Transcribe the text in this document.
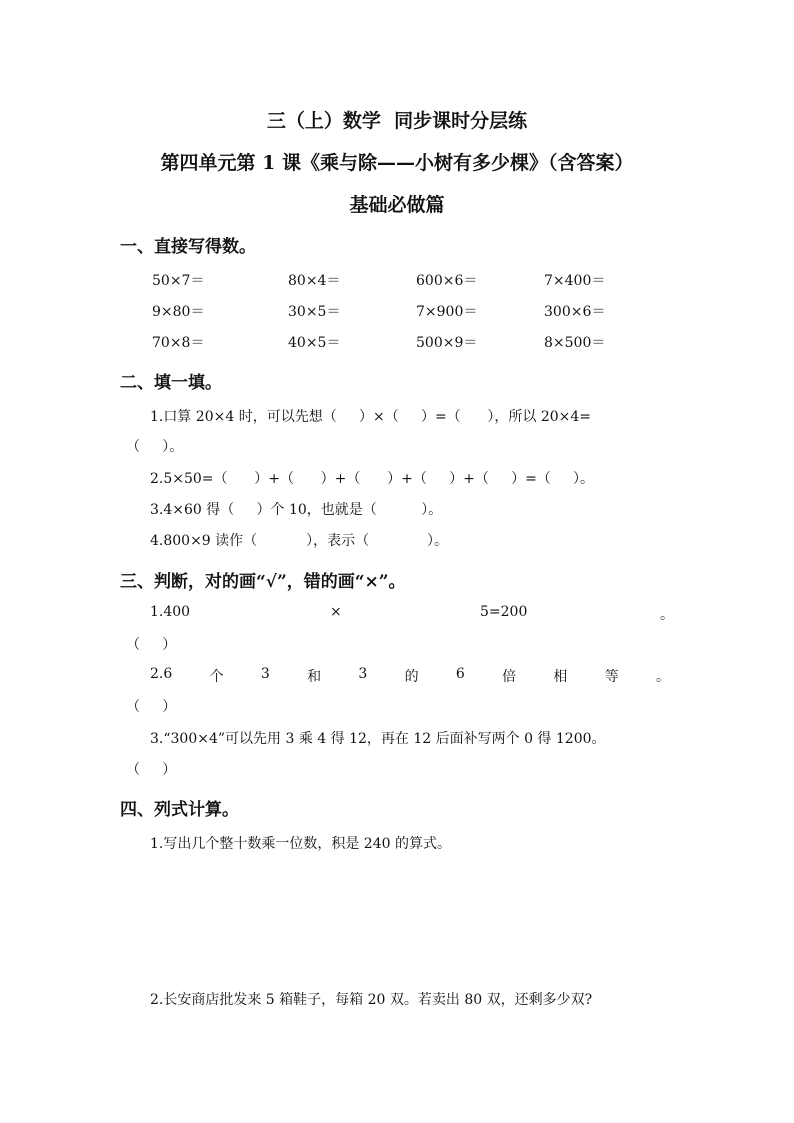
三（上）数学  同步课时分层练
第四单元第 1 课《乘与除——小树有多少棵》（含答案）
基础必做篇
一、直接写得数。
50×7＝	80×4＝	600×6＝	7×400＝
9×80＝	30×5＝	7×900＝	300×6＝
70×8＝	40×5＝	500×9＝	8×500＝
二、填一填。
1.口算 20×4 时，可以先想（     ）×（     ）=（      ），所以 20×4=
（     ）。
2.5×50=（      ）+（      ）+（      ）+（     ）+（     ）=（     ）。
3.4×60 得（     ）个 10，也就是（          ）。
4.800×9 读作（           ），表示（             ）。
三、判断，对的画“√”，错的画“×”。
1.400	×	5=200	。
（     ）
2.6	个	3	和	3	的	6	倍	相	等	。
（     ）
3.“300×4”可以先用 3 乘 4 得 12，再在 12 后面补写两个 0 得 1200。
（     ）
四、列式计算。
1.写出几个整十数乘一位数，积是 240 的算式。
2.长安商店批发来 5 箱鞋子，每箱 20 双。若卖出 80 双，还剩多少双?
